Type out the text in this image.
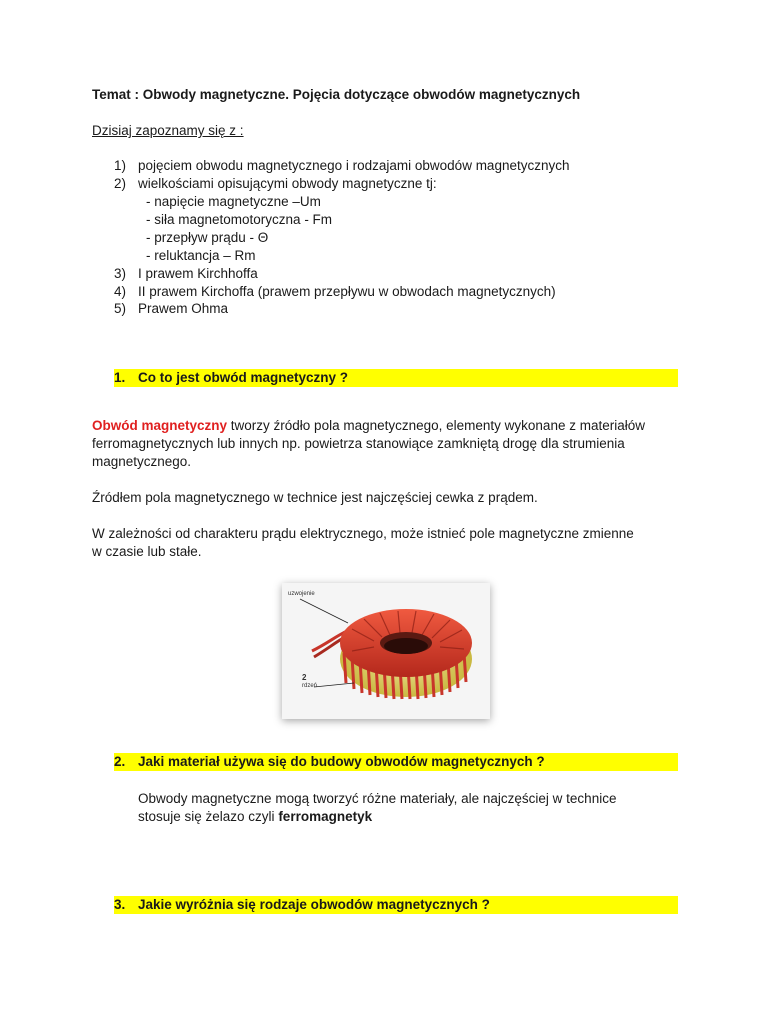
Temat : Obwody magnetyczne. Pojęcia dotyczące obwodów magnetycznych
Dzisiaj zapoznamy się z :
1) pojęciem obwodu magnetycznego i rodzajami obwodów magnetycznych
2) wielkościami opisującymi obwody magnetyczne tj:
- napięcie magnetyczne –Um
- siła magnetomotoryczna - Fm
- przepływ prądu - Θ
- reluktancja – Rm
3) I prawem Kirchhoffa
4) II prawem Kirchoffa (prawem przepływu w obwodach magnetycznych)
5) Prawem Ohma
1. Co to jest obwód magnetyczny ?
Obwód magnetyczny tworzy źródło pola magnetycznego, elementy wykonane z materiałów
ferromagnetycznych lub innych np. powietrza stanowiące zamkniętą drogę dla strumienia
magnetycznego.
Źródłem pola magnetycznego w technice jest najczęściej cewka z prądem.
W zależności od charakteru prądu elektrycznego, może istnieć pole magnetyczne zmienne
w czasie lub stałe.
uzwojenie
2
rdzeń
2. Jaki materiał używa się do budowy obwodów magnetycznych ?
Obwody magnetyczne mogą tworzyć różne materiały, ale najczęściej w technice
stosuje się żelazo czyli ferromagnetyk
3. Jakie wyróżnia się rodzaje obwodów magnetycznych ?
